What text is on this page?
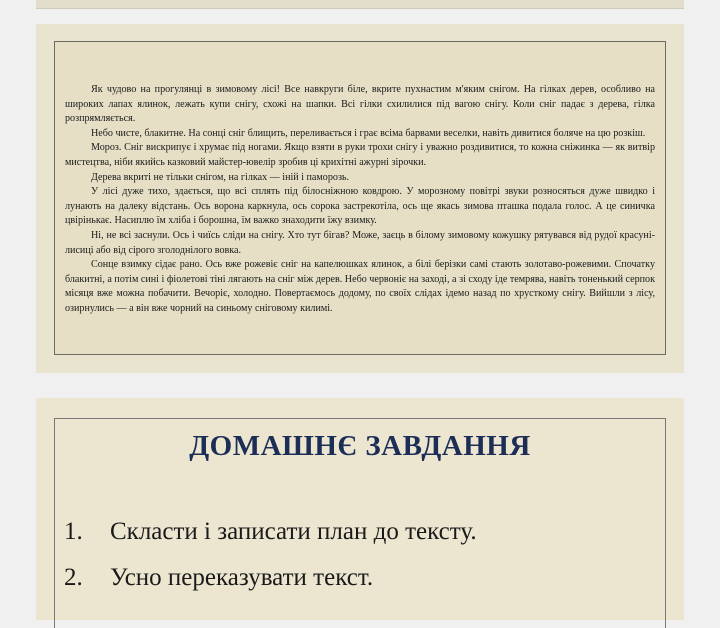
Як чудово на прогулянці в зимовому лісі! Все навкруги біле, вкрите пухнастим м'яким снігом. На гілках дерев, особливо на широких лапах ялинок, лежать купи снігу, схожі на шапки. Всі гілки схилилися під вагою снігу. Коли сніг падає з дерева, гілка розпрямляється.

Небо чисте, блакитне. На сонці сніг блищить, переливається і грає всіма барвами веселки, навіть дивитися боляче на цю розкіш.

Мороз. Сніг вискрипує і хрумає під ногами. Якщо взяти в руки трохи снігу і уважно роздивитися, то кожна сніжинка — як витвір мистецтва, ніби якийсь казковий майстер-ювелір зробив ці крихітні ажурні зірочки.

Дерева вкриті не тільки снігом, на гілках — іній і паморозь.

У лісі дуже тихо, здається, що всі сплять під білосніжною ковдрою. У морозному повітрі звуки розносяться дуже швидко і лунають на далеку відстань. Ось ворона каркнула, ось сорока застрекотіла, ось ще якась зимова пташка подала голос. А це синичка цвірінькає. Насиплю їм хліба і борошна, їм важко знаходити їжу взимку.

Ні, не всі заснули. Ось і чиїсь сліди на снігу. Хто тут бігав? Може, заєць в білому зимовому кожушку рятувався від рудої красуні-лисиці або від сірого зголоднілого вовка.

Сонце взимку сідає рано. Ось вже рожевіє сніг на капелюшках ялинок, а білі берізки самі стають золотаво-рожевими. Спочатку блакитні, а потім сині і фіолетові тіні лягають на сніг між дерев. Небо червоніє на заході, а зі сходу іде темрява, навіть тоненький серпок місяця вже можна побачити. Вечоріє, холодно. Повертаємось додому, по своїх слідах ідемо назад по хрусткому снігу. Вийшли з лісу, озирнулись — а він вже чорний на синьому сніговому килимі.

ДОМАШНЄ ЗАВДАННЯ
1. Скласти і записати план до тексту.
2. Усно переказувати текст.
